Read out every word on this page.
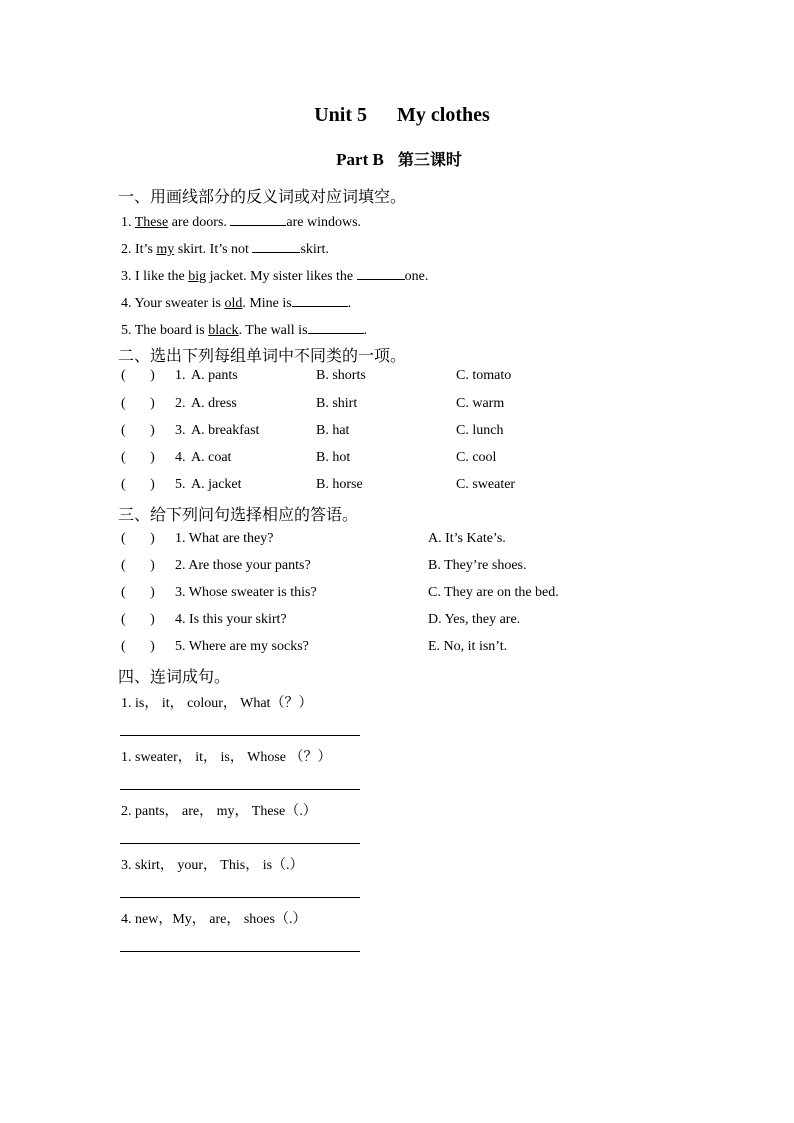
Unit 5 My clothes
Part B 第三课时
一、用画线部分的反义词或对应词填空。
1. These are doors.	are windows.
2. It’s my skirt. It’s not	skirt.
3. I like the big jacket. My sister likes the	one.
4. Your sweater is old. Mine is	.
5. The board is black. The wall is	.
二、选出下列每组单词中不同类的一项。
(       ) 1. A. pants	B. shorts	C. tomato
(       ) 2. A. dress	B. shirt	C. warm
(       ) 3. A. breakfast	B. hat	C. lunch
(       ) 4. A. coat	B. hot	C. cool
(       ) 5. A. jacket	B. horse	C. sweater
三、给下列问句选择相应的答语。
(       ) 1. What are they?	A. It’s Kate’s.
(       ) 2. Are those your pants?	B. They’re shoes.
(       ) 3. Whose sweater is this?	C. They are on the bed.
(       ) 4. Is this your skirt?	D. Yes, they are.
(       ) 5. Where are my socks?	E. No, it isn’t.
四、连词成句。
1. is， it， colour， What（？）
1. sweater， it， is， Whose （？）
2. pants， are， my， These（.）
3. skirt， your， This， is（.）
4. new，My， are， shoes（.）
